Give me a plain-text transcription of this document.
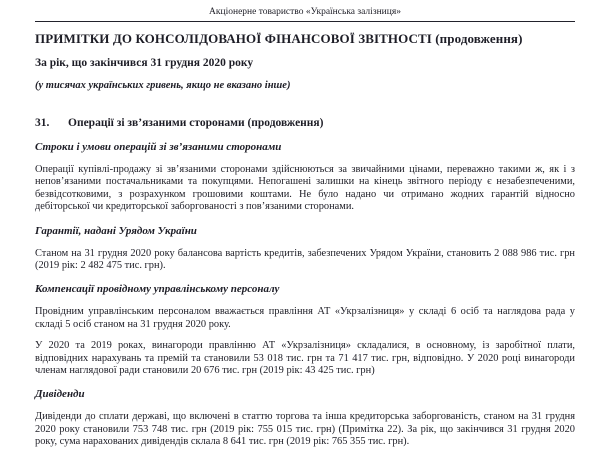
Акціонерне товариство «Українська залізниця»
ПРИМІТКИ ДО КОНСОЛІДОВАНОЇ ФІНАНСОВОЇ ЗВІТНОСТІ (продовження)
За рік, що закінчився 31 грудня 2020 року
(у тисячах українських гривень, якщо не вказано інше)
31.	Операції зі зв’язаними сторонами (продовження)
Строки і умови операцій зі зв’язаними сторонами

Операції купівлі-продажу зі зв’язаними сторонами здійснюються за звичайними цінами, переважно такими ж, як і з непов’язаними постачальниками та покупцями. Непогашені залишки на кінець звітного періоду є незабезпеченими, безвідсотковими, з розрахунком грошовими коштами. Не було надано чи отримано жодних гарантій відносно дебіторської чи кредиторської заборгованості з пов’язаними сторонами.

Гарантії, надані Урядом України

Станом на 31 грудня 2020 року балансова вартість кредитів, забезпечених Урядом України, становить 2 088 986 тис. грн (2019 рік: 2 482 475 тис. грн).

Компенсації провідному управлінському персоналу

Провідним управлінським персоналом вважається правління АТ «Укрзалізниця» у складі 6 осіб та наглядова рада у складі 5 осіб станом на 31 грудня 2020 року.

У 2020 та 2019 роках, винагороди правлінню АТ «Укрзалізниця» складалися, в основному, із заробітної плати, відповідних нарахувань та премій та становили 53 018 тис. грн та 71 417 тис. грн, відповідно. У 2020 році винагороди членам наглядової ради становили 20 676 тис. грн (2019 рік: 43 425 тис. грн)

Дивіденди

Дивіденди до сплати державі, що включені в статтю торгова та інша кредиторська заборгованість, станом на 31 грудня 2020 року становили 753 748 тис. грн (2019 рік: 755 015 тис. грн) (Примітка 22). За рік, що закінчився 31 грудня 2020 року, сума нарахованих дивідендів склала 8 641 тис. грн (2019 рік: 765 355 тис. грн).
